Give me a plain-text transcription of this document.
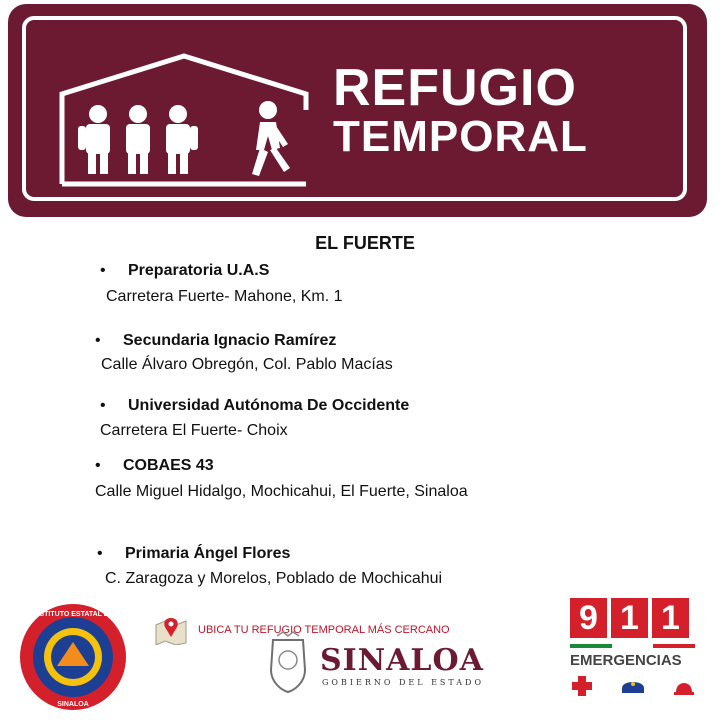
REFUGIO
TEMPORAL
EL FUERTE
• Preparatoria U.A.S
Carretera Fuerte- Mahone, Km. 1
• Secundaria Ignacio Ramírez
Calle Álvaro Obregón, Col. Pablo Macías
• Universidad Autónoma De Occidente
Carretera El Fuerte- Choix
• COBAES 43
Calle Miguel Hidalgo, Mochicahui, El Fuerte, Sinaloa
• Primaria Ángel Flores
C. Zaragoza y Morelos, Poblado de Mochicahui
INSTITUTO ESTATAL DE
SINALOA
UBICA TU REFUGIO TEMPORAL MÁS CERCANO
SINALOA
GOBIERNO DEL ESTADO
9 1 1
EMERGENCIAS
